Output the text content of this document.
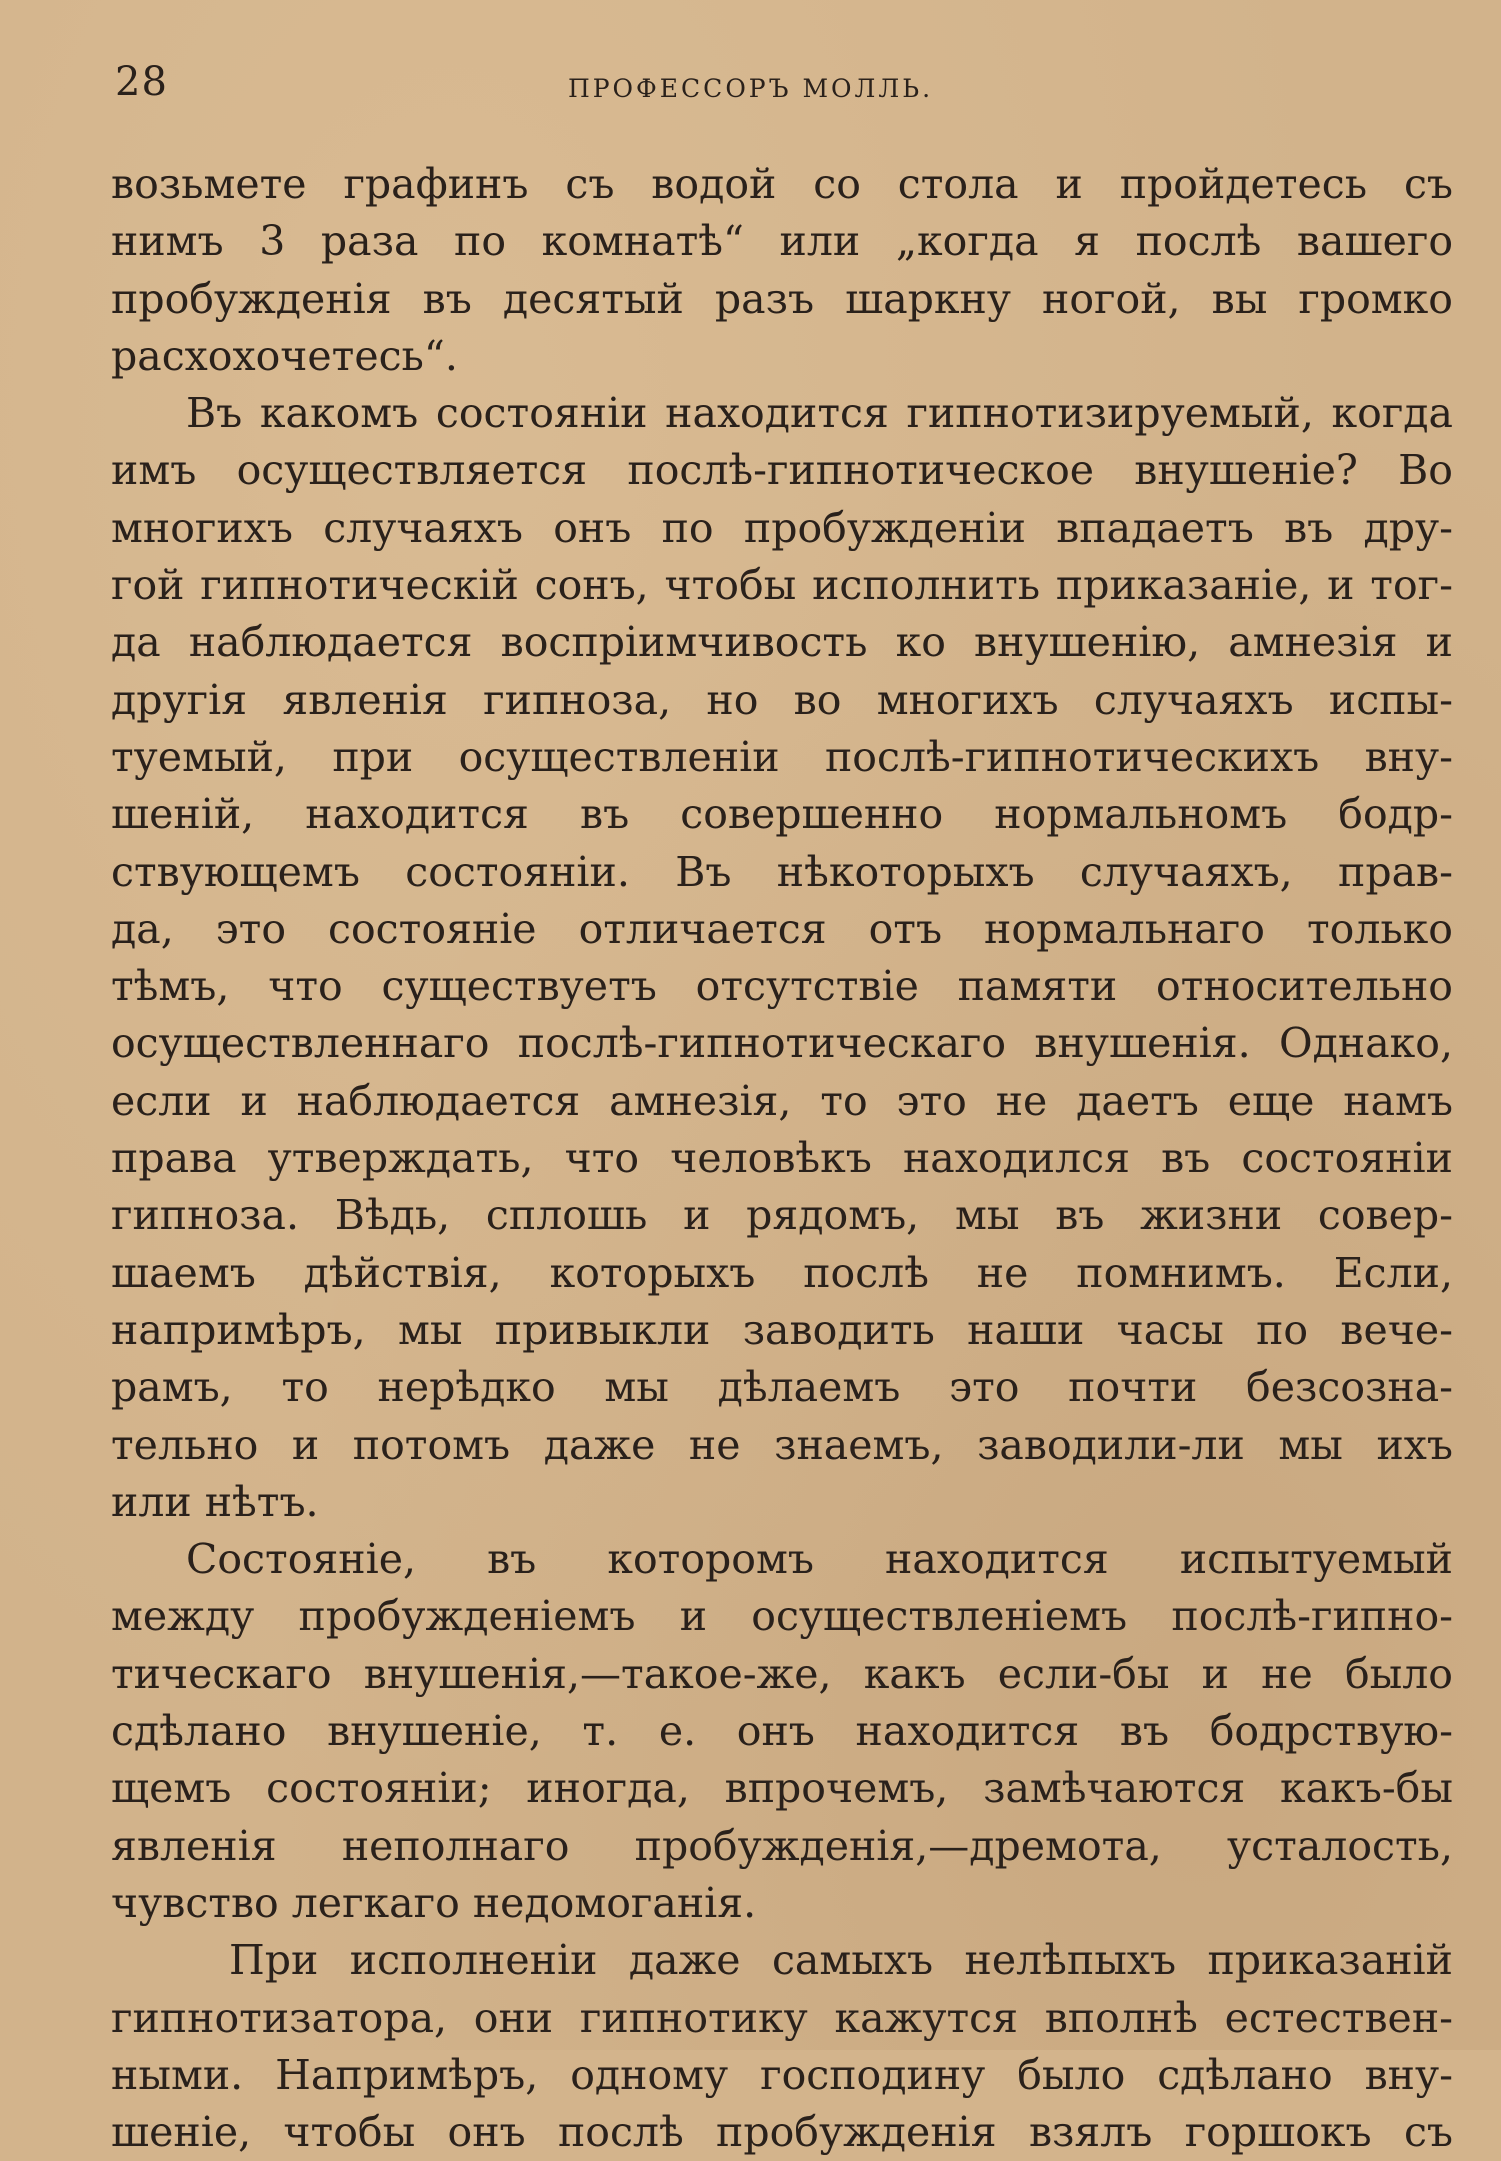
28	ПРОФЕССОРЪ МОЛЛЬ.
возьмете графинъ съ водой со стола и пройдетесь съ
нимъ 3 раза по комнатѣ“ или „когда я послѣ вашего
пробужденія въ десятый разъ шаркну ногой, вы громко
расхохочетесь“.
Въ какомъ состояніи находится гипнотизируемый, когда
имъ осуществляется послѣ-гипнотическое внушеніе? Во
многихъ случаяхъ онъ по пробужденіи впадаетъ въ дру-
гой гипнотическій сонъ, чтобы исполнить приказаніе, и тог-
да наблюдается воспріимчивость ко внушенію, амнезія и
другія явленія гипноза, но во многихъ случаяхъ испы-
туемый, при осуществленіи послѣ-гипнотическихъ вну-
шеній, находится въ совершенно нормальномъ бодр-
ствующемъ состояніи. Въ нѣкоторыхъ случаяхъ, прав-
да, это состояніе отличается отъ нормальнаго только
тѣмъ, что существуетъ отсутствіе памяти относительно
осуществленнаго послѣ-гипнотическаго внушенія. Однако,
если и наблюдается амнезія, то это не даетъ еще намъ
права утверждать, что человѣкъ находился въ состояніи
гипноза. Вѣдь, сплошь и рядомъ, мы въ жизни совер-
шаемъ дѣйствія, которыхъ послѣ не помнимъ. Если,
напримѣръ, мы привыкли заводить наши часы по вече-
рамъ, то нерѣдко мы дѣлаемъ это почти безсознa-
тельно и потомъ даже не знаемъ, заводили-ли мы ихъ
или нѣтъ.
Состояніе, въ которомъ находится испытуемый
между пробужденіемъ и осуществленіемъ послѣ-гипно-
тическаго внушенія,—такое-же, какъ если-бы и не было
сдѣлано внушеніе, т. е. онъ находится въ бодрствую-
щемъ состояніи; иногда, впрочемъ, замѣчаются какъ-бы
явленія неполнаго пробужденія,—дремота, усталость,
чувство легкаго недомоганія.
При исполненіи даже самыхъ нелѣпыхъ приказаній
гипнотизатора, они гипнотику кажутся вполнѣ естествен-
ными. Напримѣръ, одному господину было сдѣлано вну-
шеніе, чтобы онъ послѣ пробужденія взялъ горшокъ съ
